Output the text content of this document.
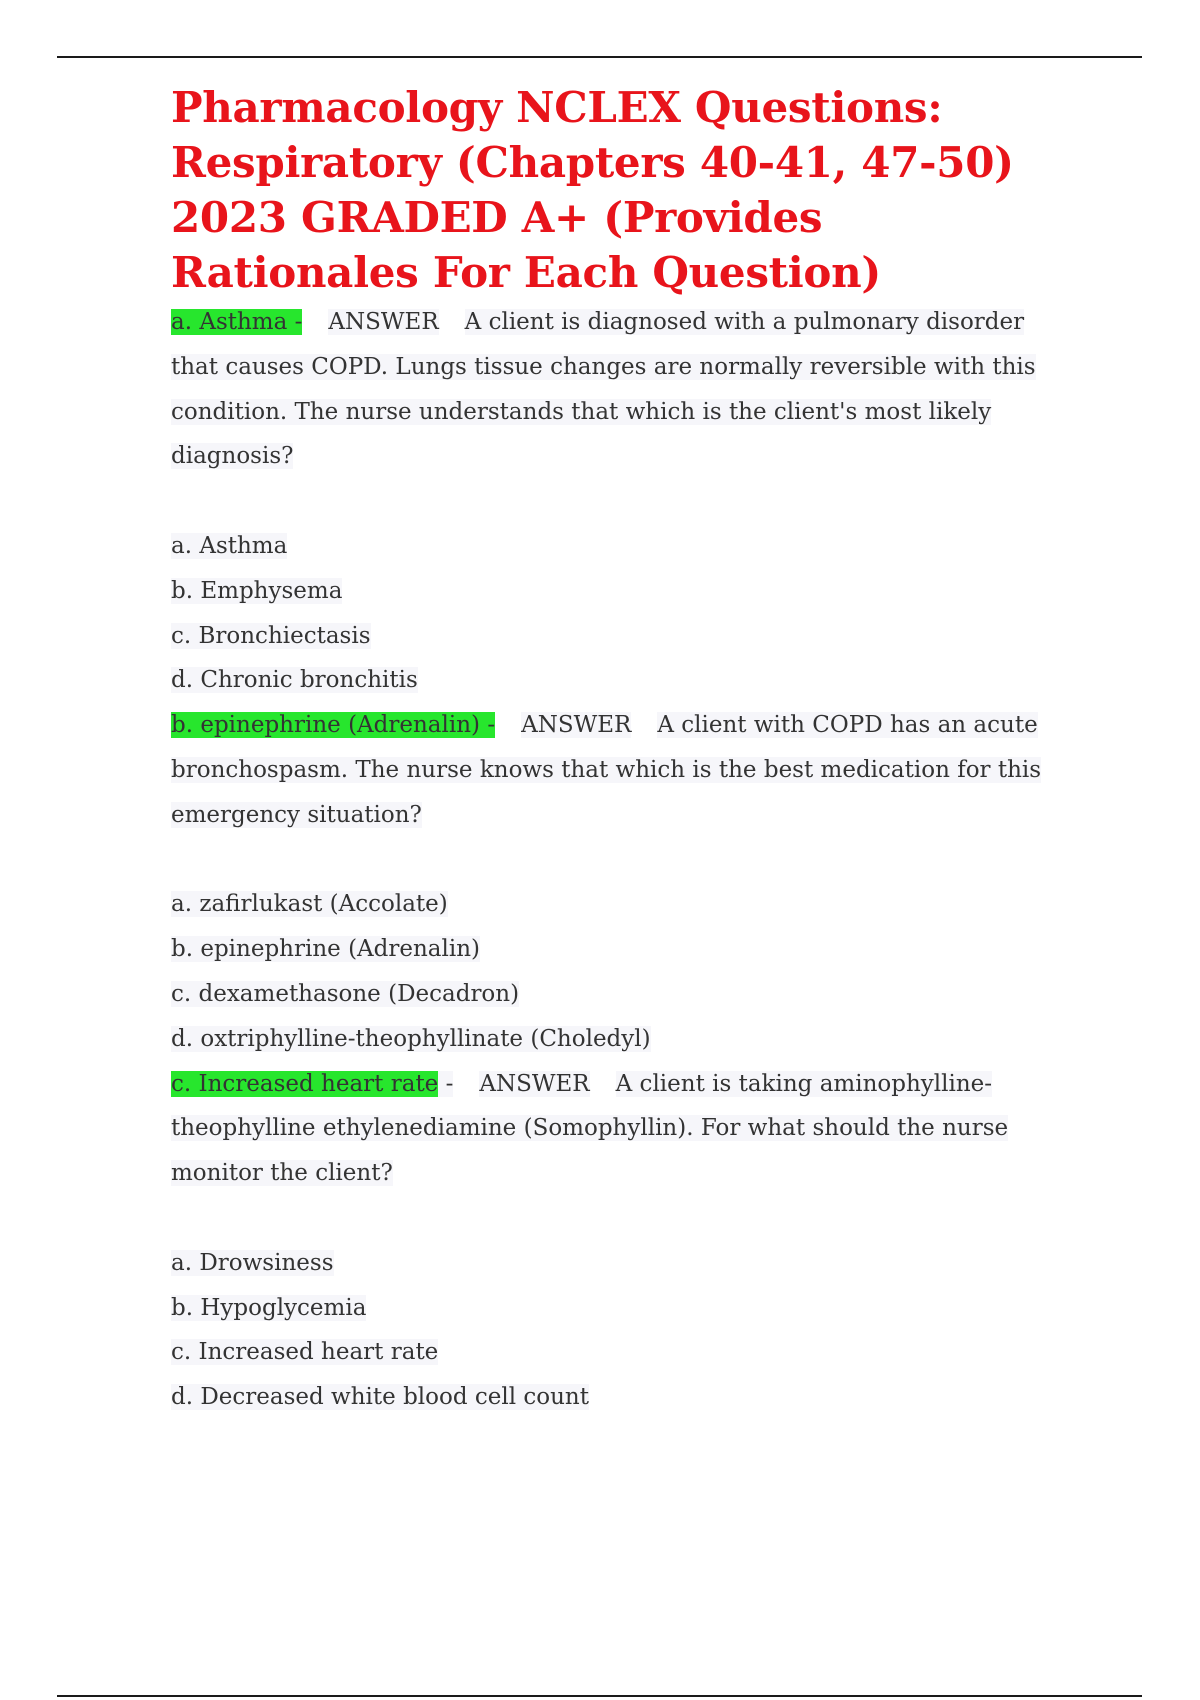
Pharmacology NCLEX Questions: Respiratory (Chapters 40-41, 47-50) 2023 GRADED A+ (Provides Rationales For Each Question)

a. Asthma - ANSWER A client is diagnosed with a pulmonary disorder that causes COPD. Lungs tissue changes are normally reversible with this condition. The nurse understands that which is the client's most likely diagnosis?

a. Asthma
b. Emphysema
c. Bronchiectasis
d. Chronic bronchitis

b. epinephrine (Adrenalin) - ANSWER A client with COPD has an acute bronchospasm. The nurse knows that which is the best medication for this emergency situation?

a. zafirlukast (Accolate)
b. epinephrine (Adrenalin)
c. dexamethasone (Decadron)
d. oxtriphylline-theophyllinate (Choledyl)

c. Increased heart rate - ANSWER A client is taking aminophylline-theophylline ethylenediamine (Somophyllin). For what should the nurse monitor the client?

a. Drowsiness
b. Hypoglycemia
c. Increased heart rate
d. Decreased white blood cell count
